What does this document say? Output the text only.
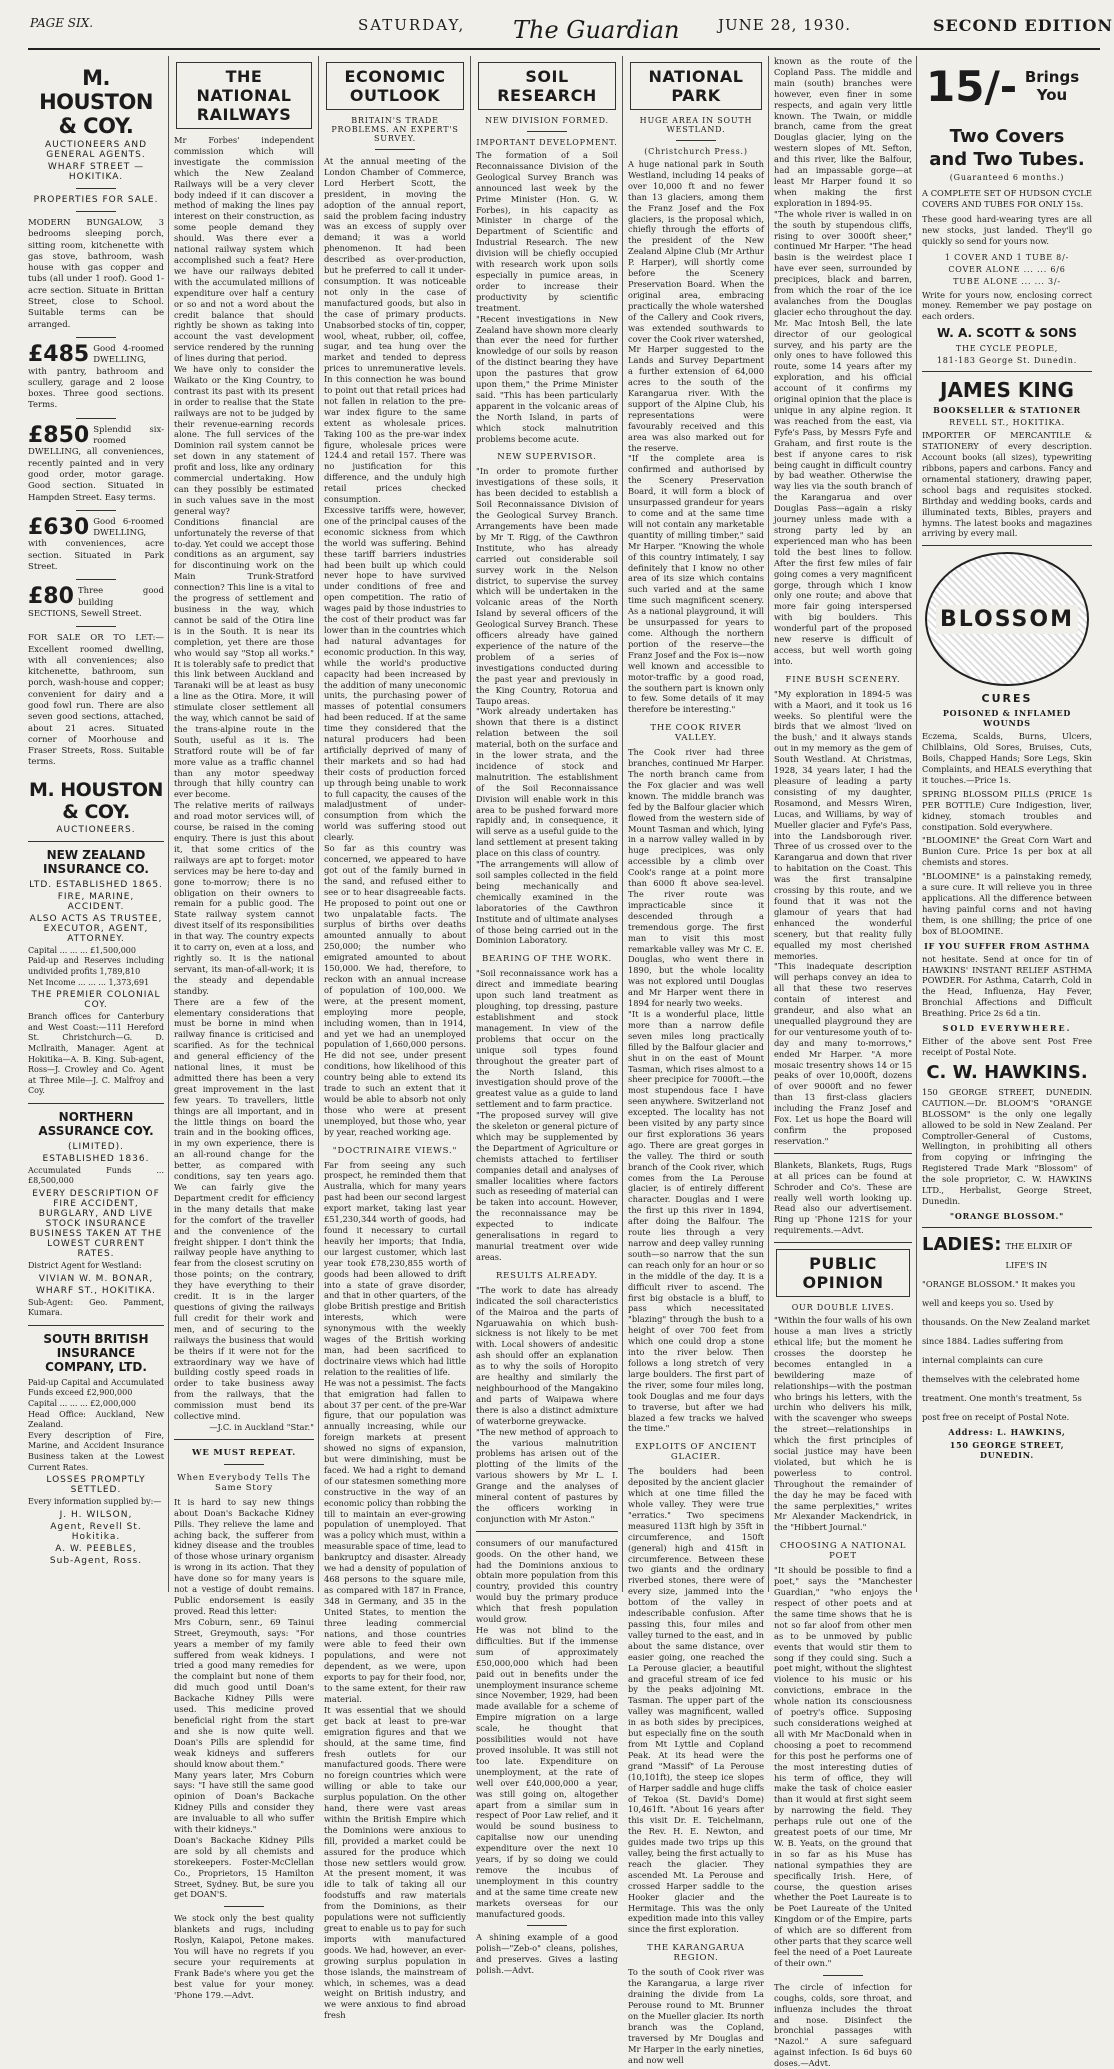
PAGE SIX.	SATURDAY, The Guardian	JUNE 28, 1930.	SECOND EDITION
M. HOUSTON & COY.
AUCTIONEERS AND GENERAL AGENTS.
WHARF STREET — HOKITIKA.
PROPERTIES FOR SALE.
MODERN BUNGALOW, 3 bedrooms sleeping porch, sitting room, kitchenette with gas stove, bathroom, wash house with gas copper and tubs (all under 1 roof). Good 1-acre section. Situate in Brittan Street, close to School. Suitable terms can be arranged.
£485 Good 4-roomed DWELLING, with pantry, bathroom and scullery, garage and 2 loose boxes. Three good sections. Terms.
£850 Splendid six-roomed DWELLING, all conveniences, recently painted and in very good order, motor garage. Good section. Situated in Hampden Street. Easy terms.
£630 Good 6-roomed DWELLING, with conveniences, acre section. Situated in Park Street.
£80 Three good building SECTIONS, Sewell Street.
FOR SALE OR TO LET:—Excellent roomed dwelling, with all conveniences; also kitchenette, bathroom, sun porch, wash-house and copper; convenient for dairy and a good fowl run. There are also seven good sections, attached, about 21 acres. Situated corner of Moorhouse and Fraser Streets, Ross. Suitable terms.
M. HOUSTON & COY.
AUCTIONEERS.
NEW ZEALAND INSURANCE CO.
LTD. ESTABLISHED 1865.
FIRE, MARINE, ACCIDENT.
ALSO ACTS AS TRUSTEE, EXECUTOR, AGENT, ATTORNEY.
Capital ... ... ... £1,500,000
Paid-up and Reserves including undivided profits 1,789,810
Net Income ... ... ... 1,373,691
THE PREMIER COLONIAL COY.
Branch offices for Canterbury and West Coast:—111 Hereford St. Christchurch—G. D. McIlraith, Manager. Agent at Hokitika—A. B. King. Sub-agent, Ross—J. Crowley and Co. Agent at Three Mile—J. C. Malfroy and Coy.
NORTHERN ASSURANCE COY.
(LIMITED).
ESTABLISHED 1836.
Accumulated Funds ... £8,500,000
EVERY DESCRIPTION OF FIRE ACCIDENT, BURGLARY, AND LIVE STOCK INSURANCE BUSINESS TAKEN AT THE LOWEST CURRENT RATES.
District Agent for Westland:
VIVIAN W. M. BONAR,
WHARF ST., HOKITIKA.
Sub-Agent: Geo. Pamment, Kumara.
SOUTH BRITISH INSURANCE COMPANY, LTD.
Paid-up Capital and Accumulated Funds exceed £2,900,000
Capital ... ... ... £2,000,000
Head Office: Auckland, New Zealand.
Every description of Fire, Marine, and Accident Insurance Business taken at the Lowest Current Rates.
LOSSES PROMPTLY SETTLED.
Every information supplied by:—
J. H. WILSON,
Agent, Revell St. Hokitika.
A. W. PEEBLES,
Sub-Agent, Ross.
THE NATIONAL RAILWAYS

Mr Forbes' independent commission which will investigate the commission which the New Zealand Railways will be a very clever body indeed if it can discover a method of making the lines pay interest on their construction, as some people demand they should. Was there ever a national railway system which accomplished such a feat? Here we have our railways debited with the accumulated millions of expenditure over half a century or so and not a word about the credit balance that should rightly be shown as taking into account the vast development service rendered by the running of lines during that period.

We have only to consider the Waikato or the King Country, to contrast its past with its present in order to realise that the State railways are not to be judged by their revenue-earning records alone. The full services of the Dominion rail system cannot be set down in any statement of profit and loss, like any ordinary commercial undertaking. How can they possibly be estimated in such values save in the most general way?

Conditions financial are unfortunately the reverse of that to-day. Yet could we accept those conditions as an argument, say for discontinuing work on the Main Trunk-Stratford connection? This line is a vital to the progress of settlement and business in the way, which cannot be said of the Otira line is in the South. It is near its completion, yet there are those who would say "Stop all works." It is tolerably safe to predict that this link between Auckland and Taranaki will be at least as busy a line as the Otira. More, it will stimulate closer settlement all the way, which cannot be said of the trans-alpine route in the South, useful as it is. The Stratford route will be of far more value as a traffic channel than any motor speedway through that hilly country can ever become.

The relative merits of railways and road motor services will, of course, be raised in the coming enquiry. There is just this about it, that some critics of the railways are apt to forget: motor services may be here to-day and gone to-morrow; there is no obligation on their owners to remain for a public good. The State railway system cannot divest itself of its responsibilities in that way. The country expects it to carry on, even at a loss, and rightly so. It is the national servant, its man-of-all-work; it is the steady and dependable standby.

There are a few of the elementary considerations that must be borne in mind when railway finance is criticised and scarified. As for the technical and general efficiency of the national lines, it must be admitted there has been a very great improvement in the last few years. To travellers, little things are all important, and in the little things on board the train and in the booking offices, in my own experience, there is an all-round change for the better, as compared with conditions, say ten years ago. We can fairly give the Department credit for efficiency in the many details that make for the comfort of the traveller and the convenience of the freight shipper. I don't think the railway people have anything to fear from the closest scrutiny on those points; on the contrary, they have everything to their credit. It is in the larger questions of giving the railways full credit for their work and men, and of securing to the railways the business that would be theirs if it were not for the extraordinary way we have of building costly speed roads in order to take business away from the railways, that the commission must bend its collective mind.

—J.C. in Auckland "Star."

WE MUST REPEAT.
When Everybody Tells The Same Story

It is hard to say new things about Doan's Backache Kidney Pills. They relieve the lame and aching back, the sufferer from kidney disease and the troubles of those whose urinary organism is wrong in its action. That they have done so for many years is not a vestige of doubt remains. Public endorsement is easily proved. Read this letter:

Mrs Coburn, senr., 69 Tainui Street, Greymouth, says: "For years a member of my family suffered from weak kidneys. I tried a good many remedies for the complaint but none of them did much good until Doan's Backache Kidney Pills were used. This medicine proved beneficial right from the start and she is now quite well. Doan's Pills are splendid for weak kidneys and sufferers should know about them."

Many years later, Mrs Coburn says: "I have still the same good opinion of Doan's Backache Kidney Pills and consider they are invaluable to all who suffer with their kidneys."

Doan's Backache Kidney Pills are sold by all chemists and storekeepers. Foster-McClellan Co., Proprietors, 15 Hamilton Street, Sydney. But, be sure you get DOAN'S.

We stock only the best quality blankets and rugs, including Roslyn, Kaiapoi, Petone makes. You will have no regrets if you secure your requirements at Frank Bade's where you get the best value for your money. 'Phone 179.—Advt.

ECONOMIC OUTLOOK
BRITAIN'S TRADE PROBLEMS. AN EXPERT'S SURVEY.

At the annual meeting of the London Chamber of Commerce, Lord Herbert Scott, the president, in moving the adoption of the annual report, said the problem facing industry was an excess of supply over demand; it was a world phenomenon. It had been described as over-production, but he preferred to call it under-consumption. It was noticeable not only in the case of manufactured goods, but also in the case of primary products. Unabsorbed stocks of tin, copper, wool, wheat, rubber, oil, coffee, sugar, and tea hung over the market and tended to depress prices to unremunerative levels. In this connection he was bound to point out that retail prices had not fallen in relation to the pre-war index figure to the same extent as wholesale prices. Taking 100 as the pre-war index figure, wholesale prices were 124.4 and retail 157. There was no justification for this difference, and the unduly high retail prices checked consumption.

Excessive tariffs were, however, one of the principal causes of the economic sickness from which the world was suffering. Behind these tariff barriers industries had been built up which could never hope to have survived under conditions of free and open competition. The ratio of wages paid by those industries to the cost of their product was far lower than in the countries which had natural advantages for economic production. In this way, while the world's productive capacity had been increased by the addition of many uneconomic units, the purchasing power of masses of potential consumers had been reduced. If at the same time they considered that the natural producers had been artificially deprived of many of their markets and so had had their costs of production forced up through being unable to work to full capacity, the causes of the maladjustment of under-consumption from which the world was suffering stood out clearly.

So far as this country was concerned, we appeared to have got out of the family burned in the sand, and refused either to see or to hear disagreeable facts. He proposed to point out one or two unpalatable facts. The surplus of births over deaths amounted annually to about 250,000; the number who emigrated amounted to about 150,000. We had, therefore, to reckon with an annual increase of population of 100,000. We were, at the present moment, employing more people, including women, than in 1914, and yet we had an unemployed population of 1,660,000 persons. He did not see, under present conditions, how likelihood of this country being able to extend its trade to such an extent that it would be able to absorb not only those who were at present unemployed, but those who, year by year, reached working age.

"DOCTRINAIRE VIEWS."

Far from seeing any such prospect, he reminded them that Australia, which for many years past had been our second largest export market, taking last year £51,230,344 worth of goods, had found it necessary to curtail heavily her imports; that India, our largest customer, which last year took £78,230,855 worth of goods had been allowed to drift into a state of grave disorder, and that in other quarters, of the globe British prestige and British interests, which were synonymous with the weekly wages of the British working man, had been sacrificed to doctrinaire views which had little relation to the realities of life.

He was not a pessimist. The facts that emigration had fallen to about 37 per cent. of the pre-War figure, that our population was annually increasing, while our foreign markets at present showed no signs of expansion, but were diminishing, must be faced. We had a right to demand of our statesmen something more constructive in the way of an economic policy than robbing the till to maintain an ever-growing population of unemployed. That was a policy which must, within a measurable space of time, lead to bankruptcy and disaster. Already we had a density of population of 468 persons to the square mile, as compared with 187 in France, 348 in Germany, and 35 in the United States, to mention the three leading commercial nations, and those countries were able to feed their own populations, and were not dependent, as we were, upon exports to pay for their food, nor, to the same extent, for their raw material.

It was essential that we should get back at least to pre-war emigration figures and that we should, at the same time, find fresh outlets for our manufactured goods. There were no foreign countries which were willing or able to take our surplus population. On the other hand, there were vast areas within the British Empire which the Dominions were anxious to fill, provided a market could be assured for the produce which those new settlers would grow. At the present moment, it was idle to talk of taking all our foodstuffs and raw materials from the Dominions, as their populations were not sufficiently great to enable us to pay for such imports with manufactured goods. We had, however, an ever-growing surplus population in those islands, the mainstream of which, in schemes, was a dead weight on British industry, and we were anxious to find abroad fresh

SOIL RESEARCH
NEW DIVISION FORMED.
IMPORTANT DEVELOPMENT.

The formation of a Soil Reconnaissance Division of the Geological Survey Branch was announced last week by the Prime Minister (Hon. G. W. Forbes), in his capacity as Minister in charge of the Department of Scientific and Industrial Research. The new division will be chiefly occupied with research work upon soils especially in pumice areas, in order to increase their productivity by scientific treatment.

"Recent investigations in New Zealand have shown more clearly than ever the need for further knowledge of our soils by reason of the distinct bearing they have upon the pastures that grow upon them," the Prime Minister said. "This has been particularly apparent in the volcanic areas of the North Island, in parts of which stock malnutrition problems become acute.

NEW SUPERVISOR.

"In order to promote further investigations of these soils, it has been decided to establish a Soil Reconnaissance Division of the Geological Survey Branch. Arrangements have been made by Mr T. Rigg, of the Cawthron Institute, who has already carried out considerable soil survey work in the Nelson district, to supervise the survey which will be undertaken in the volcanic areas of the North Island by several officers of the Geological Survey Branch. These officers already have gained experience of the nature of the problem of a series of investigations conducted during the past year and previously in the King Country, Rotorua and Taupo areas.

"Work already undertaken has shown that there is a distinct relation between the soil material, both on the surface and in the lower strata, and the incidence of stock and malnutrition. The establishment of the Soil Reconnaissance Division will enable work in this area to be pushed forward more rapidly and, in consequence, it will serve as a useful guide to the land settlement at present taking place on this class of country.

"The arrangements will allow of soil samples collected in the field being mechanically and chemically examined in the laboratories of the Cawthron Institute and of ultimate analyses of those being carried out in the Dominion Laboratory.

BEARING OF THE WORK.

"Soil reconnaissance work has a direct and immediate bearing upon such land treatment as ploughing, top dressing, pasture establishment and stock management. In view of the problems that occur on the unique soil types found throughout the greater part of the North Island, this investigation should prove of the greatest value as a guide to land settlement and to farm practice.

"The proposed survey will give the skeleton or general picture of which may be supplemented by the Department of Agriculture or chemists attached to fertiliser companies detail and analyses of smaller localities where factors such as reseeding of material can be taken into account. However, the reconnaissance may be expected to indicate generalisations in regard to manurial treatment over wide areas.

RESULTS ALREADY.

"The work to date has already indicated the soil characteristics of the Mairoa and the parts of Ngaruawahia on which bush-sickness is not likely to be met with. Local showers of andesitic ash should offer an explanation as to why the soils of Horopito are healthy and similarly the neighbourhood of the Mangakino and parts of Waipawa where there is also a distinct admixture of waterborne greywacke.

"The new method of approach to the various malnutrition problems has arisen out of the plotting of the limits of the various showers by Mr L. I. Grange and the analyses of mineral content of pastures by the officers working in conjunction with Mr Aston."

consumers of our manufactured goods. On the other hand, we had the Dominions anxious to obtain more population from this country, provided this country would buy the primary produce which that fresh population would grow.

He was not blind to the difficulties. But if the immense sum of approximately £50,000,000 which had been paid out in benefits under the unemployment insurance scheme since November, 1929, had been made available for a scheme of Empire migration on a large scale, he thought that possibilities would not have proved insoluble. It was still not too late. Expenditure on unemployment, at the rate of well over £40,000,000 a year, was still going on, altogether apart from a similar sum in respect of Poor Law relief, and it would be sound business to capitalise now our unending expenditure over the next 10 years, if by so doing we could remove the incubus of unemployment in this country and at the same time create new markets overseas for our manufactured goods.

A shining example of a good polish—"Zeb-o" cleans, polishes, and preserves. Gives a lasting polish.—Advt.

NATIONAL PARK
HUGE AREA IN SOUTH WESTLAND.
(Christchurch Press.)

A huge national park in South Westland, including 14 peaks of over 10,000 ft and no fewer than 13 glaciers, among them the Franz Josef and the Fox glaciers, is the proposal which, chiefly through the efforts of the president of the New Zealand Alpine Club (Mr Arthur P. Harper), will shortly come before the Scenery Preservation Board. When the original area, embracing practically the whole watershed of the Callery and Cook rivers, was extended southwards to cover the Cook river watershed, Mr Harper suggested to the Lands and Survey Department a further extension of 64,000 acres to the south of the Karangarua river. With the support of the Alpine Club, his representations were favourably received and this area was also marked out for the reserve.

"If the complete area is confirmed and authorised by the Scenery Preservation Board, it will form a block of unsurpassed grandeur for years to come and at the same time will not contain any marketable quantity of milling timber," said Mr Harper. "Knowing the whole of this country intimately, I say definitely that I know no other area of its size which contains such varied and at the same time such magnificent scenery. As a national playground, it will be unsurpassed for years to come. Although the northern portion of the reserve—the Franz Josef and the Fox is—now well known and accessible to motor-traffic by a good road, the southern part is known only to few. Some details of it may therefore be interesting."

THE COOK RIVER VALLEY.

The Cook river had three branches, continued Mr Harper. The north branch came from the Fox glacier and was well known. The middle branch was fed by the Balfour glacier which flowed from the western side of Mount Tasman and which, lying in a narrow valley walled in by huge precipices, was only accessible by a climb over Cook's range at a point more than 6000 ft above sea-level. The river route was impracticable since it descended through a tremendous gorge. The first man to visit this most remarkable valley was Mr C. E. Douglas, who went there in 1890, but the whole locality was not explored until Douglas and Mr Harper went there in 1894 for nearly two weeks.

"It is a wonderful place, little more than a narrow defile seven miles long practically filled by the Balfour glacier and shut in on the east of Mount Tasman, which rises almost to a sheer precipice for 7000ft.—the most stupendous face I have seen anywhere. Switzerland not excepted. The locality has not been visited by any party since our first explorations 36 years ago. There are great gorges in the valley. The third or south branch of the Cook river, which comes from the La Perouse glacier, is of entirely different character. Douglas and I were the first up this river in 1894, after doing the Balfour. The route lies through a very narrow and deep valley running south—so narrow that the sun can reach only for an hour or so in the middle of the day. It is a difficult river to ascend. The first big obstacle is a bluff, to pass which necessitated "blazing" through the bush to a height of over 700 feet from which one could drop a stone into the river below. Then follows a long stretch of very large boulders. The first part of the river, some four miles long, took Douglas and me four days to traverse, but after we had blazed a few tracks we halved the time."

EXPLOITS OF ANCIENT GLACIER.

The boulders had been deposited by the ancient glacier which at one time filled the whole valley. They were true "erratics." Two specimens measured 113ft high by 35ft in circumference, and 150ft (general) high and 415ft in circumference. Between these two giants and the ordinary riverbed stones, there were of every size, jammed into the bottom of the valley in indescribable confusion. After passing this, four miles and valley turned to the east, and in about the same distance, over easier going, one reached the La Perouse glacier, a beautiful and graceful stream of ice fed by the peaks adjoining Mt. Tasman. The upper part of the valley was magnificent, walled in as both sides by precipices, but especially fine on the south from Mt Lyttle and Copland Peak. At its head were the grand "Massif" of La Perouse (10,101ft), the steep ice slopes of Harper saddle and huge cliffs of Tekoa (St. David's Dome) 10,461ft. "About 16 years after this visit Dr. E. Teichelmann, the Rev. H. E. Newton, and guides made two trips up this valley, being the first actually to reach the glacier. They ascended Mt. La Perouse and crossed Harper saddle to the Hooker glacier and the Hermitage. This was the only expedition made into this valley since the first exploration.

THE KARANGARUA REGION.

To the south of Cook river was the Karangarua, a large river draining the divide from La Perouse round to Mt. Brunner on the Mueller glacier. Its north branch was the Copland, traversed by Mr Douglas and Mr Harper in the early nineties, and now well

known as the route of the Copland Pass. The middle and main (south) branches were however, even finer in some respects, and again very little known. The Twain, or middle branch, came from the great Douglas glacier, lying on the western slopes of Mt. Sefton, and this river, like the Balfour, had an impassable gorge—at least Mr Harper found it so when making the first exploration in 1894-95.

"The whole river is walled in on the south by stupendous cliffs, rising to over 3000ft sheer," continued Mr Harper. "The head basin is the weirdest place I have ever seen, surrounded by precipices, black and barren, from which the roar of the ice avalanches from the Douglas glacier echo throughout the day. Mr. Mac Intosh Bell, the late director of our geological survey, and his party are the only ones to have followed this route, some 14 years after my exploration, and his official account of it confirms my original opinion that the place is unique in any alpine region. It was reached from the east, via Fyfe's Pass, by Messrs Fyfe and Graham, and first route is the best if anyone cares to risk being caught in difficult country by bad weather. Otherwise the way lies via the south branch of the Karangarua and over Douglas Pass—again a risky journey unless made with a strong party led by an experienced man who has been told the best lines to follow. After the first few miles of fair going comes a very magnificent gorge, through which I know only one route; and above that more fair going interspersed with big boulders. This wonderful part of the proposed new reserve is difficult of access, but well worth going into.

FINE BUSH SCENERY.

"My exploration in 1894-5 was with a Maori, and it took us 16 weeks. So plentiful were the birds that we almost 'lived on the bush,' and it always stands out in my memory as the gem of South Westland. At Christmas, 1928, 34 years later, I had the pleasure of leading a party consisting of my daughter, Rosamond, and Messrs Wiren, Lucas, and Williams, by way of Mueller glacier and Fyfe's Pass, into the Landsborough river. Three of us crossed over to the Karangarua and down that river to habitation on the Coast. This was the first transalpine crossing by this route, and we found that it was not the glamour of years that had enhanced the wonderful scenery, but that reality fully equalled my most cherished memories.

"This inadequate description will perhaps convey an idea to all that these two reserves contain of interest and grandeur, and also what an unequalled playground they are for our venturesome youth of to-day and many to-morrows," ended Mr Harper. "A more mosaic tresentry shows 14 or 15 peaks of over 10,000ft, dozens of over 9000ft and no fewer than 13 first-class glaciers including the Franz Josef and Fox. Let us hope the Board will confirm the proposed reservation."

Blankets, Blankets, Rugs, Rugs at all prices can be found at Schroder and Co's. These are really well worth looking up. Read also our advertisement. Ring up 'Phone 121S for your requirements.—Advt.

PUBLIC OPINION
OUR DOUBLE LIVES.

"Within the four walls of his own house a man lives a strictly ethical life; but the moment he crosses the doorstep he becomes entangled in a bewildering maze of relationships—with the postman who brings his letters, with the urchin who delivers his milk, with the scavenger who sweeps the street—relationships in which the first principles of social justice may have been violated, but which he is powerless to control. Throughout the remainder of the day he may be faced with the same perplexities," writes Mr Alexander Mackendrick, in the "Hibbert Journal."

CHOOSING A NATIONAL POET

"It should be possible to find a poet," says the "Manchester Guardian," "who enjoys the respect of other poets and at the same time shows that he is not so far aloof from other men as to be unmoved by public events that would stir them to song if they could sing. Such a poet might, without the slightest violence to his music or his convictions, embrace in the whole nation its consciousness of poetry's office. Supposing such considerations weighed at all with Mr MacDonald when in choosing a poet to recommend for this post he performs one of the most interesting duties of his term of office, they will make the task of choice easier than it would at first sight seem by narrowing the field. They perhaps rule out one of the greatest poets of our time, Mr W. B. Yeats, on the ground that in so far as his Muse has national sympathies they are specifically Irish. Here, of course, the question arises whether the Poet Laureate is to be Poet Laureate of the United Kingdom or of the Empire, parts of which are so different from other parts that they scarce well feel the need of a Poet Laureate of their own."

The circle of infection for coughs, colds, sore throat, and influenza includes the throat and nose. Disinfect the bronchial passages with "Nazol." A sure safeguard against infection. Is 6d buys 60 doses.—Advt.

15/- Brings You
Two Covers
and Two Tubes.
(Guaranteed 6 months.)

A COMPLETE SET OF HUDSON CYCLE COVERS AND TUBES FOR ONLY 15s.

These good hard-wearing tyres are all new stocks, just landed. They'll go quickly so send for yours now.

1 COVER AND 1 TUBE 8/-
COVER ALONE ... ... 6/6
TUBE ALONE ... ... 3/-

Write for yours now, enclosing correct money. Remember we pay postage on each orders.

W. A. SCOTT & SONS
THE CYCLE PEOPLE,
181-183 George St. Dunedin.
JAMES KING
BOOKSELLER & STATIONER
REVELL ST., HOKITIKA.

IMPORTER OF MERCANTILE & STATIONERY of every description. Account books (all sizes), typewriting ribbons, papers and carbons. Fancy and ornamental stationery, drawing paper, school bags and requisites stocked. Birthday and wedding books, cards and illuminated texts, Bibles, prayers and hymns. The latest books and magazines arriving by every mail.

BLOSSOM
CURES
POISONED & INFLAMED WOUNDS

Eczema, Scalds, Burns, Ulcers, Chilblains, Old Sores, Bruises, Cuts, Boils, Chapped Hands; Sore Legs, Skin Complaints, and HEALS everything that it touches.—Price 1s.

SPRING BLOSSOM PILLS (PRICE 1s PER BOTTLE) Cure Indigestion, liver, kidney, stomach troubles and constipation. Sold everywhere.

"BLOOMINE" the Great Corn Wart and Bunion Cure. Price 1s per box at all chemists and stores.

"BLOOMINE" is a painstaking remedy, a sure cure. It will relieve you in three applications. All the difference between having painful corns and not having them, is one shilling; the price of one box of BLOOMINE.

IF YOU SUFFER FROM ASTHMA

not hesitate. Send at once for tin of HAWKINS' INSTANT RELIEF ASTHMA POWDER. For Asthma, Catarrh, Cold in the Head, Influenza, Hay Fever, Bronchial Affections and Difficult Breathing. Price 2s 6d a tin.

SOLD EVERYWHERE.

Either of the above sent Post Free receipt of Postal Note.

C. W. HAWKINS.

150 GEORGE STREET, DUNEDIN. CAUTION.—Dr. BLOOM'S "ORANGE BLOSSOM" is the only one legally allowed to be sold in New Zealand. Per Comptroller-General of Customs, Wellington, in prohibiting all others from copying or infringing the Registered Trade Mark "Blossom" of the sole proprietor, C. W. HAWKINS LTD., Herbalist, George Street, Dunedin.

"ORANGE BLOSSOM."
LADIES: THE ELIXIR OF LIFE'S IN "ORANGE BLOSSOM." It makes you well and keeps you so. Used by thousands. On the New Zealand market since 1884. Ladies suffering from internal complaints can cure themselves with the celebrated home treatment. One month's treatment, 5s post free on receipt of Postal Note.
Address: L. HAWKINS,
150 GEORGE STREET, DUNEDIN.
